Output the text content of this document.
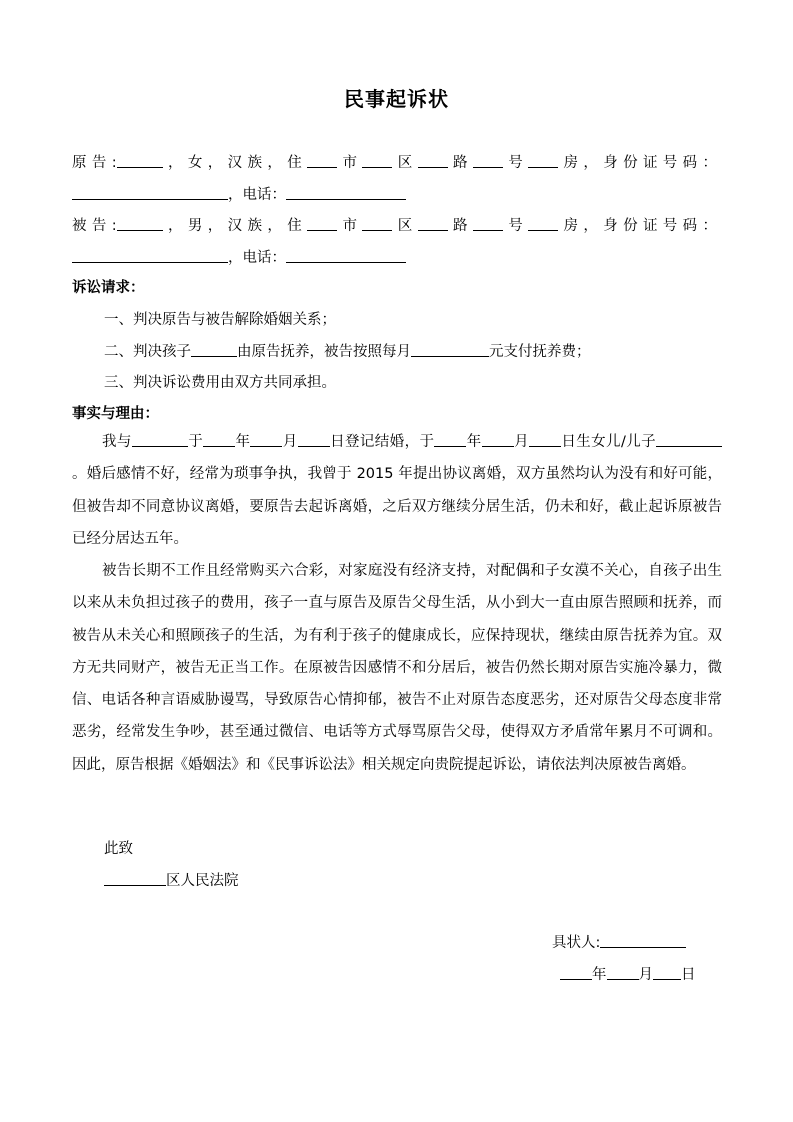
民事起诉状
原告:	，女，汉族，住 市 区 路 号 房，身份证号码：
，电话：
被告:	，男，汉族，住 市 区 路 号 房，身份证号码：
，电话：
诉讼请求：
一、判决原告与被告解除婚姻关系；
二、判决孩子	由原告抚养，被告按照每月	元支付抚养费；
三、判决诉讼费用由双方共同承担。
事实与理由：

我与	于 年 月 日登记结婚，于 年 月 日生女儿/儿子。婚后感情不好，经常为琐事争执，我曾于 2015 年提出协议离婚，双方虽然均认为没有和好可能，但被告却不同意协议离婚，要原告去起诉离婚，之后双方继续分居生活，仍未和好，截止起诉原被告已经分居达五年。

被告长期不工作且经常购买六合彩，对家庭没有经济支持，对配偶和子女漠不关心，自孩子出生以来从未负担过孩子的费用，孩子一直与原告及原告父母生活，从小到大一直由原告照顾和抚养，而被告从未关心和照顾孩子的生活，为有利于孩子的健康成长，应保持现状，继续由原告抚养为宜。双方无共同财产，被告无正当工作。在原被告因感情不和分居后，被告仍然长期对原告实施冷暴力，微信、电话各种言语威胁谩骂，导致原告心情抑郁，被告不止对原告态度恶劣，还对原告父母态度非常恶劣，经常发生争吵，甚至通过微信、电话等方式辱骂原告父母，使得双方矛盾常年累月不可调和。因此，原告根据《婚姻法》和《民事诉讼法》相关规定向贵院提起诉讼，请依法判决原被告离婚。

此致
区人民法院
具状人:
年 月 日
